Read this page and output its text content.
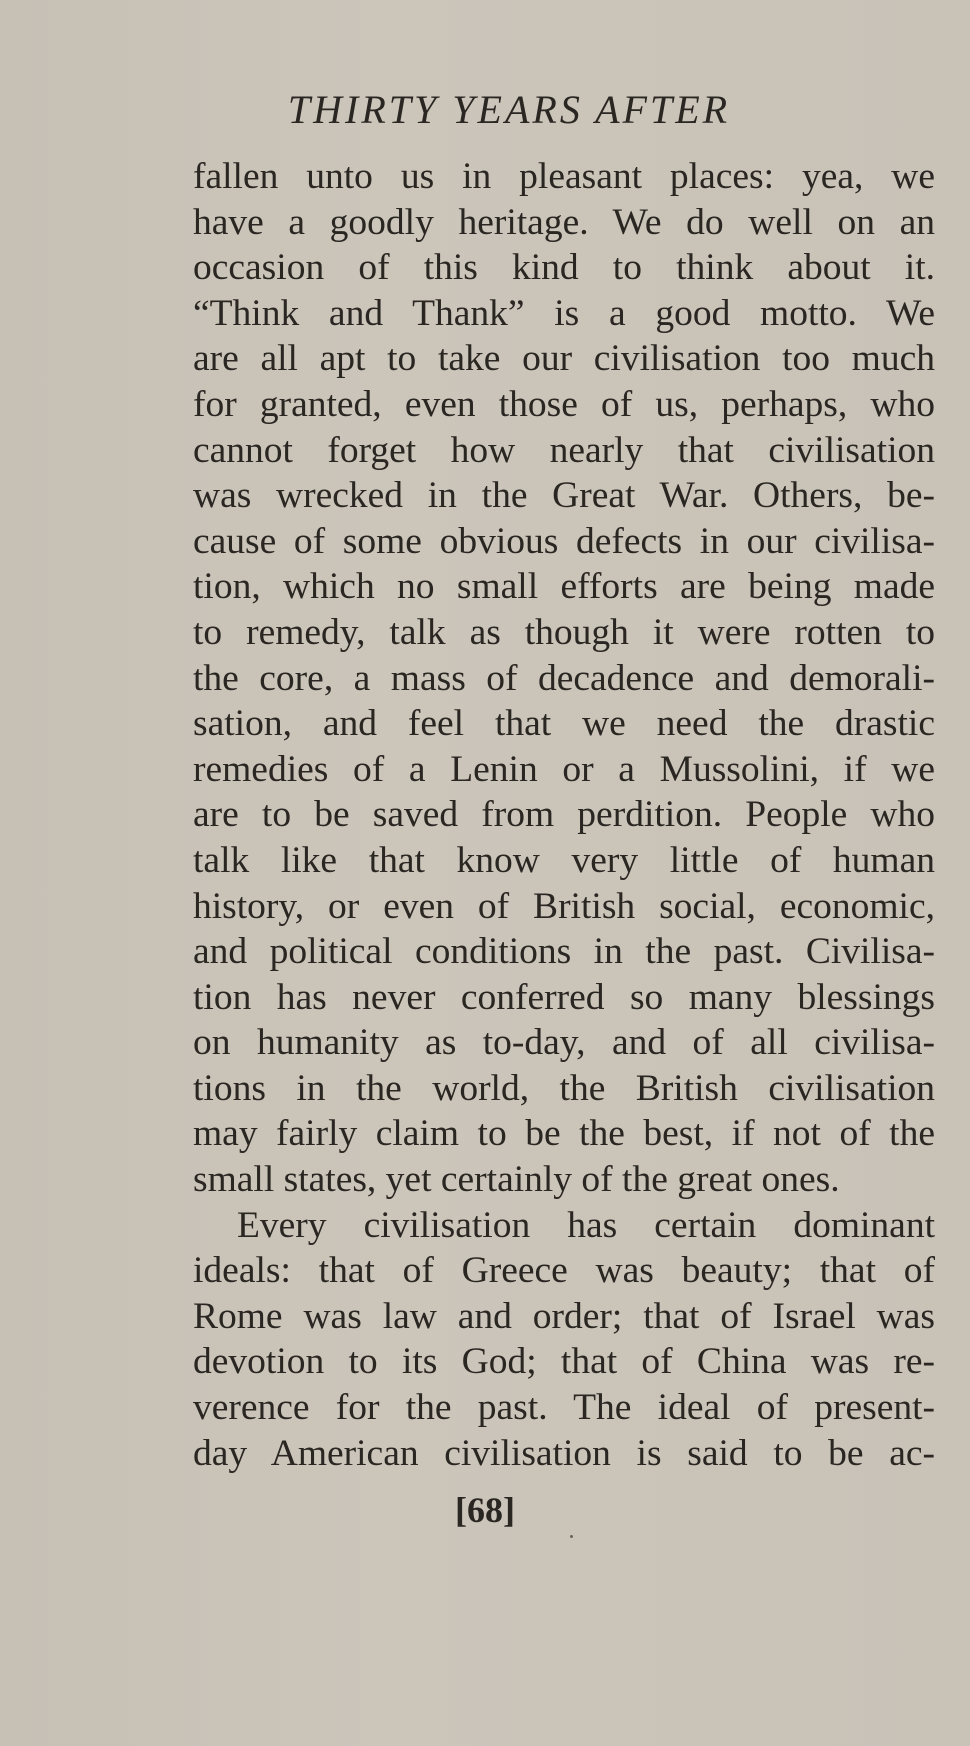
THIRTY YEARS AFTER
fallen unto us in pleasant places: yea, we
have a goodly heritage. We do well on an
occasion of this kind to think about it.
“Think and Thank” is a good motto. We
are all apt to take our civilisation too much
for granted, even those of us, perhaps, who
cannot forget how nearly that civilisation
was wrecked in the Great War. Others, be-
cause of some obvious defects in our civilisa-
tion, which no small efforts are being made
to remedy, talk as though it were rotten to
the core, a mass of decadence and demorali-
sation, and feel that we need the drastic
remedies of a Lenin or a Mussolini, if we
are to be saved from perdition. People who
talk like that know very little of human
history, or even of British social, economic,
and political conditions in the past. Civilisa-
tion has never conferred so many blessings
on humanity as to-day, and of all civilisa-
tions in the world, the British civilisation
may fairly claim to be the best, if not of the
small states, yet certainly of the great ones.
Every civilisation has certain dominant
ideals: that of Greece was beauty; that of
Rome was law and order; that of Israel was
devotion to its God; that of China was re-
verence for the past. The ideal of present-
day American civilisation is said to be ac-
[68]
